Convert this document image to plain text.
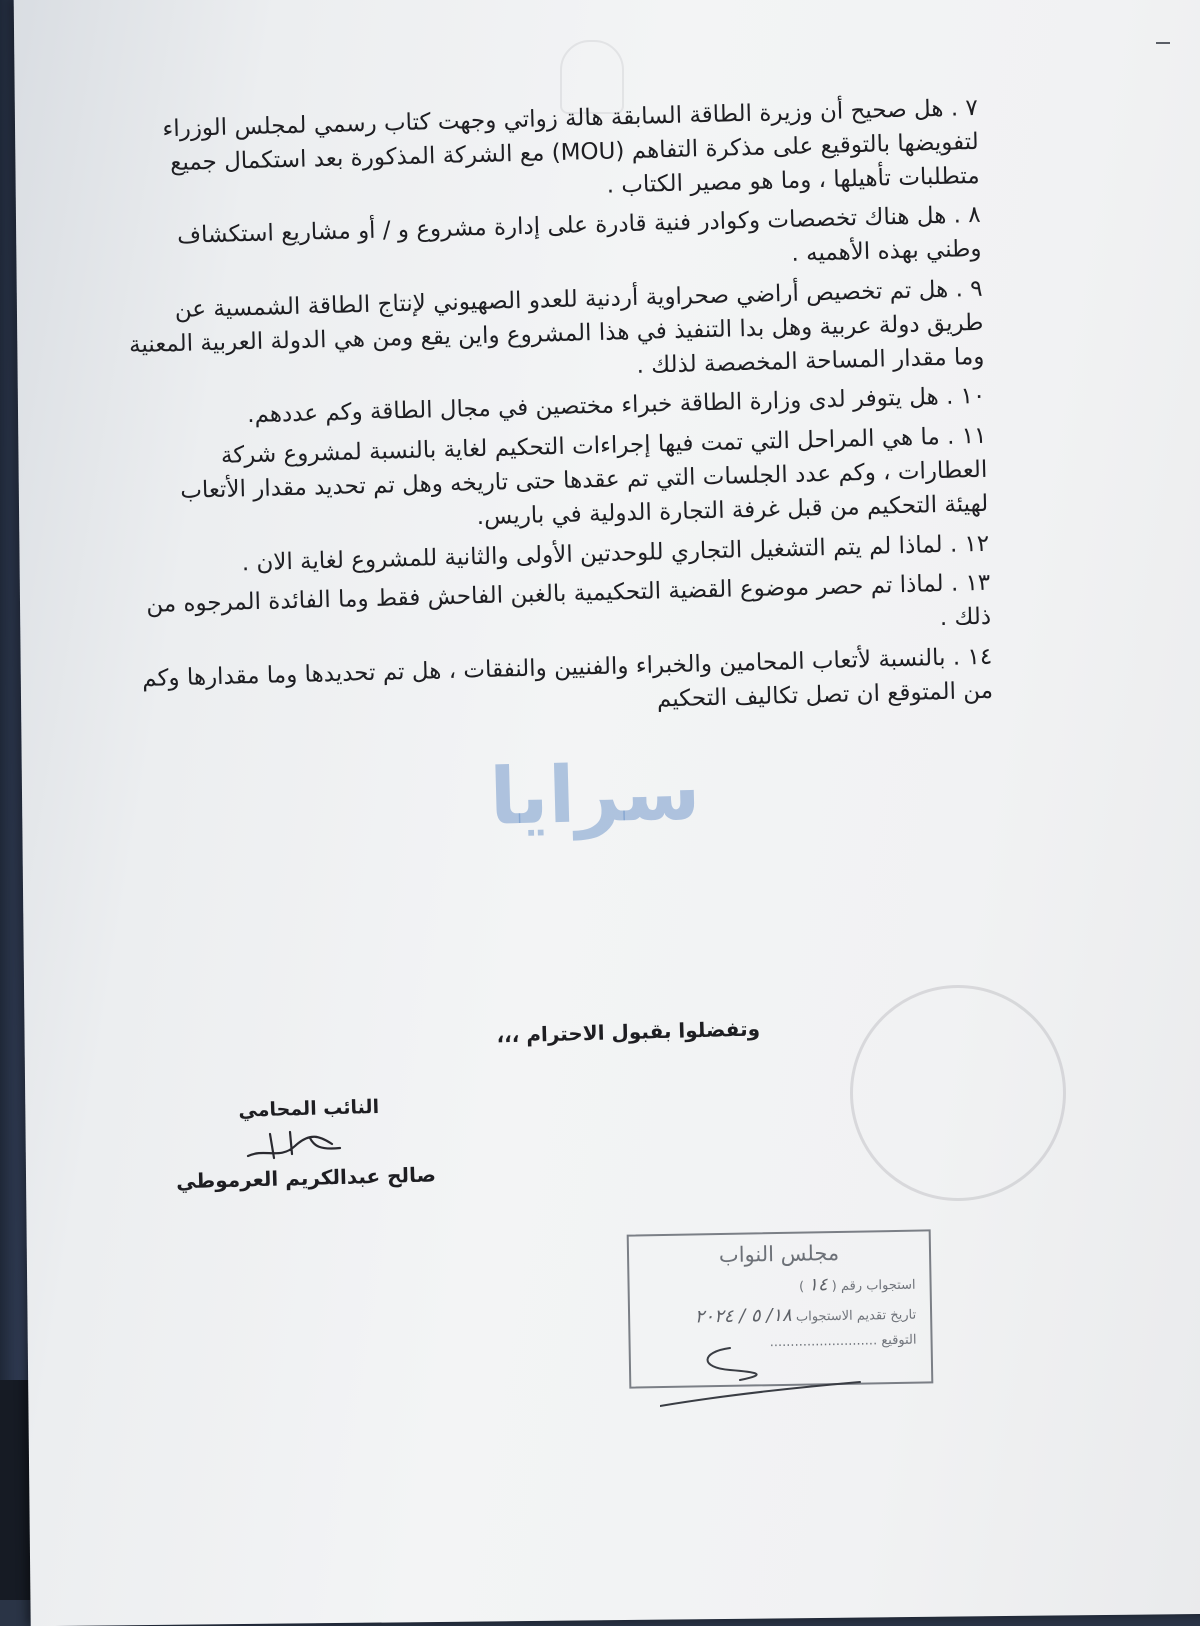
٧ . هل صحيح أن وزيرة الطاقة السابقة هالة زواتي وجهت كتاب رسمي لمجلس الوزراء لتفويضها بالتوقيع على مذكرة التفاهم (MOU) مع الشركة المذكورة بعد استكمال جميع متطلبات تأهيلها ، وما هو مصير الكتاب .

٨ . هل هناك تخصصات وكوادر فنية قادرة على إدارة مشروع و / أو مشاريع استكشاف وطني بهذه الأهميه .

٩ . هل تم تخصيص أراضي صحراوية أردنية للعدو الصهيوني لإنتاج الطاقة الشمسية عن طريق دولة عربية وهل بدا التنفيذ في هذا المشروع واين يقع ومن هي الدولة العربية المعنية وما مقدار المساحة المخصصة لذلك .

١٠ . هل يتوفر لدى وزارة الطاقة خبراء مختصين في مجال الطاقة وكم عددهم.

١١ . ما هي المراحل التي تمت فيها إجراءات التحكيم لغاية بالنسبة لمشروع شركة العطارات ، وكم عدد الجلسات التي تم عقدها حتى تاريخه وهل تم تحديد مقدار الأتعاب لهيئة التحكيم من قبل غرفة التجارة الدولية في باريس.

١٢ . لماذا لم يتم التشغيل التجاري للوحدتين الأولى والثانية للمشروع لغاية الان .

١٣ . لماذا تم حصر موضوع القضية التحكيمية بالغبن الفاحش فقط وما الفائدة المرجوه من ذلك .

١٤ . بالنسبة لأتعاب المحامين والخبراء والفنيين والنفقات ، هل تم تحديدها وما مقدارها وكم من المتوقع ان تصل تكاليف التحكيم

سرايا
وتفضلوا بقبول الاحترام ،،،
النائب المحامي
صالح عبدالكريم العرموطي
مجلس النواب
استجواب رقم ( ١٤ )
تاريخ تقديم الاستجواب ١٨/ ٥ / ٢٠٢٤
التوقيع ..........................
